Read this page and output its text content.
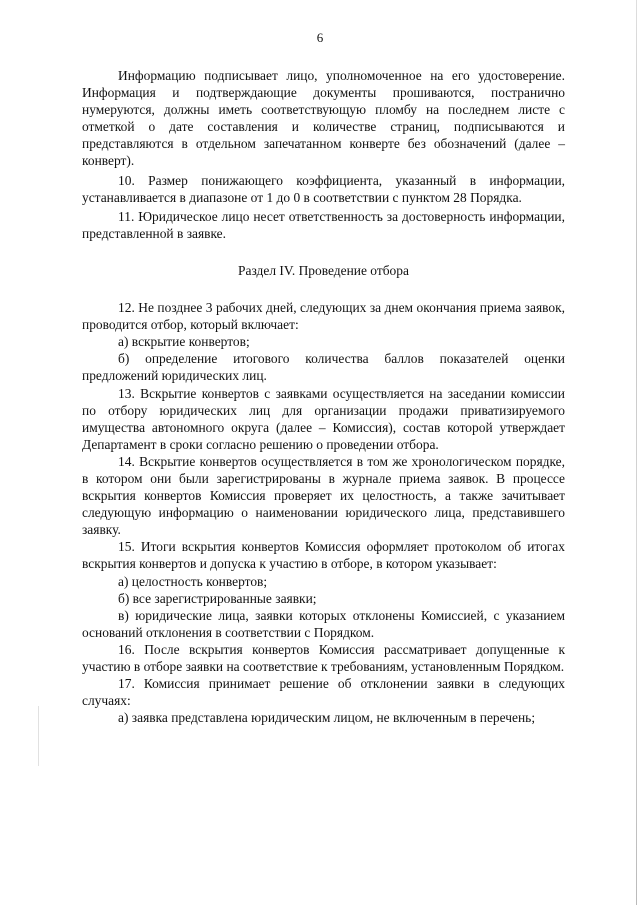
6

Информацию подписывает лицо, уполномоченное на его удостоверение. Информация и подтверждающие документы прошиваются, постранично нумеруются, должны иметь соответствующую пломбу на последнем листе с отметкой о дате составления и количестве страниц, подписываются и представляются в отдельном запечатанном конверте без обозначений (далее – конверт).

10. Размер понижающего коэффициента, указанный в информации, устанавливается в диапазоне от 1 до 0 в соответствии с пунктом 28 Порядка.

11. Юридическое лицо несет ответственность за достоверность информации, представленной в заявке.

Раздел IV. Проведение отбора

12. Не позднее 3 рабочих дней, следующих за днем окончания приема заявок, проводится отбор, который включает:

а) вскрытие конвертов;

б) определение итогового количества баллов показателей оценки предложений юридических лиц.

13. Вскрытие конвертов с заявками осуществляется на заседании комиссии по отбору юридических лиц для организации продажи приватизируемого имущества автономного округа (далее – Комиссия), состав которой утверждает Департамент в сроки согласно решению о проведении отбора.

14. Вскрытие конвертов осуществляется в том же хронологическом порядке, в котором они были зарегистрированы в журнале приема заявок. В процессе вскрытия конвертов Комиссия проверяет их целостность, а также зачитывает следующую информацию о наименовании юридического лица, представившего заявку.

15. Итоги вскрытия конвертов Комиссия оформляет протоколом об итогах вскрытия конвертов и допуска к участию в отборе, в котором указывает:

а) целостность конвертов;

б) все зарегистрированные заявки;

в) юридические лица, заявки которых отклонены Комиссией, с указанием оснований отклонения в соответствии с Порядком.

16. После вскрытия конвертов Комиссия рассматривает допущенные к участию в отборе заявки на соответствие к требованиям, установленным Порядком.

17. Комиссия принимает решение об отклонении заявки в следующих случаях:

а) заявка представлена юридическим лицом, не включенным в перечень;
